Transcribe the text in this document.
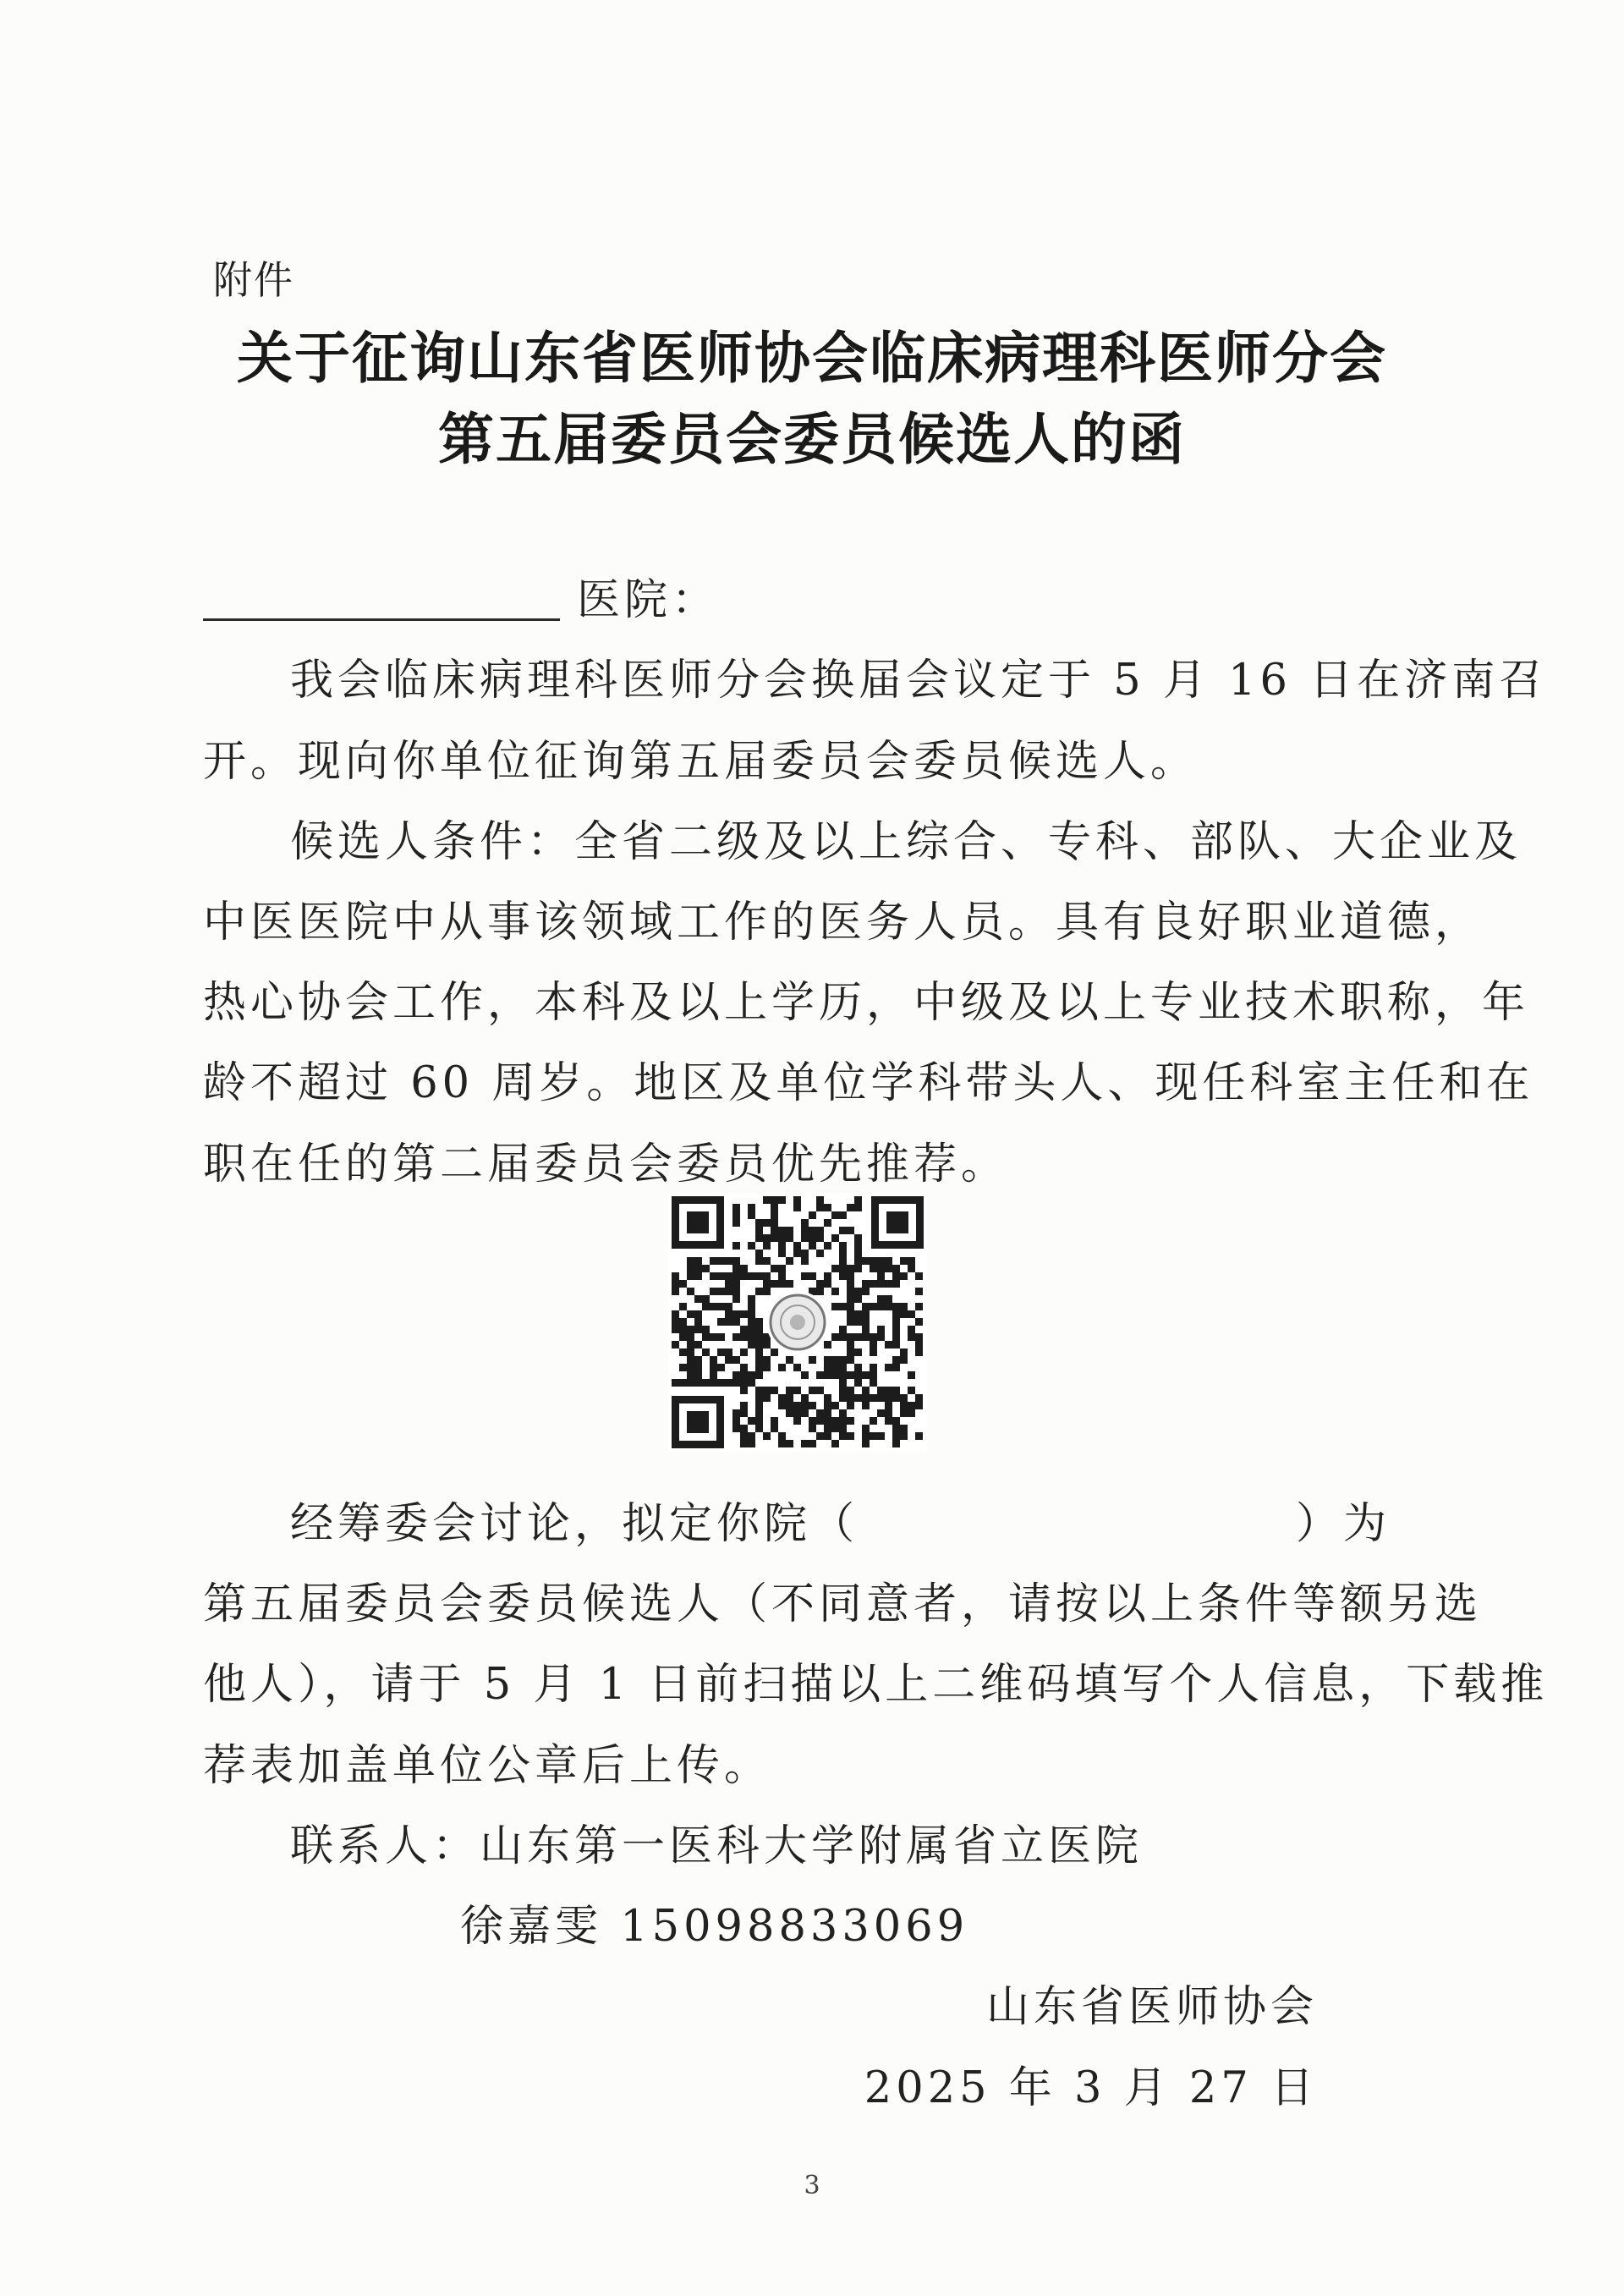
附件
关于征询山东省医师协会临床病理科医师分会
第五届委员会委员候选人的函
医院：
我会临床病理科医师分会换届会议定于 5 月 16 日在济南召
开。现向你单位征询第五届委员会委员候选人。
候选人条件：全省二级及以上综合、专科、部队、大企业及
中医医院中从事该领域工作的医务人员。具有良好职业道德，
热心协会工作，本科及以上学历，中级及以上专业技术职称，年
龄不超过 60 周岁。地区及单位学科带头人、现任科室主任和在
职在任的第二届委员会委员优先推荐。
经筹委会讨论，拟定你院（	）为
第五届委员会委员候选人（不同意者，请按以上条件等额另选
他人），请于 5 月 1 日前扫描以上二维码填写个人信息，下载推
荐表加盖单位公章后上传。
联系人：山东第一医科大学附属省立医院
徐嘉雯 15098833069
山东省医师协会
2025 年 3 月 27 日
3
